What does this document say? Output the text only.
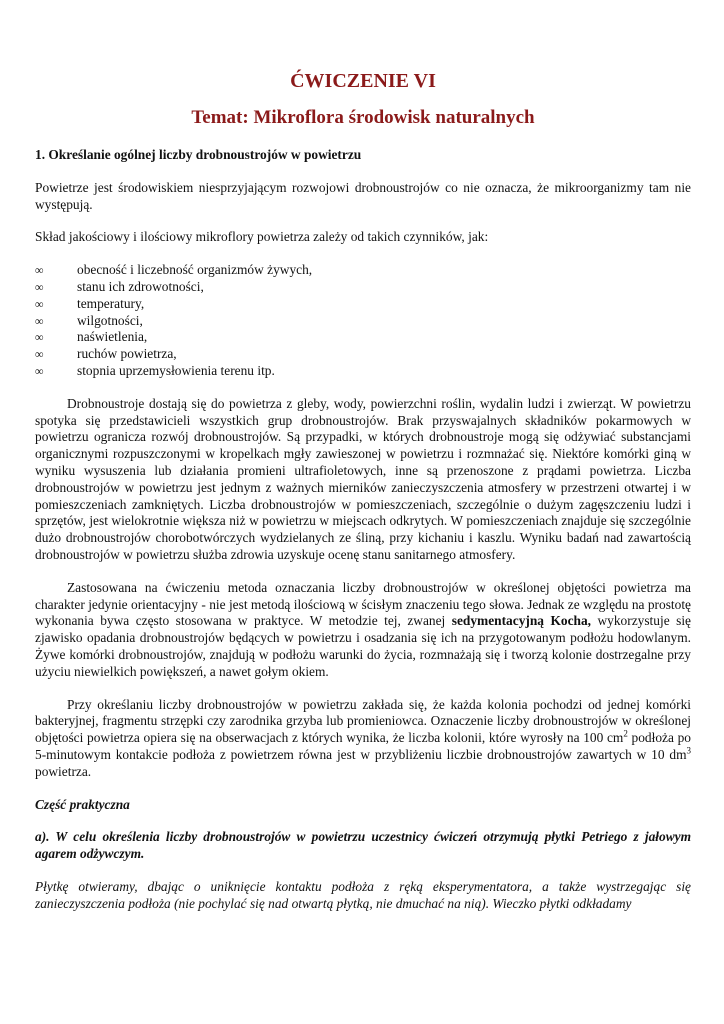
ĆWICZENIE VI
Temat: Mikroflora środowisk naturalnych

1. Określanie ogólnej liczby drobnoustrojów w powietrzu

Powietrze jest środowiskiem niesprzyjającym rozwojowi drobnoustrojów co nie oznacza, że mikroorganizmy tam nie występują.

Skład jakościowy i ilościowy mikroflory powietrza zależy od takich czynników, jak:

∞ obecność i liczebność organizmów żywych,
∞ stanu ich zdrowotności,
∞ temperatury,
∞ wilgotności,
∞ naświetlenia,
∞ ruchów powietrza,
∞ stopnia uprzemysłowienia terenu itp.

Drobnoustroje dostają się do powietrza z gleby, wody, powierzchni roślin, wydalin ludzi i zwierząt. W powietrzu spotyka się przedstawicieli wszystkich grup drobnoustrojów. Brak przyswajalnych składników pokarmowych w powietrzu ogranicza rozwój drobnoustrojów. Są przypadki, w których drobnoustroje mogą się odżywiać substancjami organicznymi rozpuszczonymi w kropelkach mgły zawieszonej w powietrzu i rozmnażać się. Niektóre komórki giną w wyniku wysuszenia lub działania promieni ultrafioletowych, inne są przenoszone z prądami powietrza. Liczba drobnoustrojów w powietrzu jest jednym z ważnych mierników zanieczyszczenia atmosfery w przestrzeni otwartej i w pomieszczeniach zamkniętych. Liczba drobnoustrojów w pomieszczeniach, szczególnie o dużym zagęszczeniu ludzi i sprzętów, jest wielokrotnie większa niż w powietrzu w miejscach odkrytych. W pomieszczeniach znajduje się szczególnie dużo drobnoustrojów chorobotwórczych wydzielanych ze śliną, przy kichaniu i kaszlu. Wyniku badań nad zawartością drobnoustrojów w powietrzu służba zdrowia uzyskuje ocenę stanu sanitarnego atmosfery.

Zastosowana na ćwiczeniu metoda oznaczania liczby drobnoustrojów w określonej objętości powietrza ma charakter jedynie orientacyjny - nie jest metodą ilościową w ścisłym znaczeniu tego słowa. Jednak ze względu na prostotę wykonania bywa często stosowana w praktyce. W metodzie tej, zwanej sedymentacyjną Kocha, wykorzystuje się zjawisko opadania drobnoustrojów będących w powietrzu i osadzania się ich na przygotowanym podłożu hodowlanym. Żywe komórki drobnoustrojów, znajdują w podłożu warunki do życia, rozmnażają się i tworzą kolonie dostrzegalne przy użyciu niewielkich powiększeń, a nawet gołym okiem.

Przy określaniu liczby drobnoustrojów w powietrzu zakłada się, że każda kolonia pochodzi od jednej komórki bakteryjnej, fragmentu strzępki czy zarodnika grzyba lub promieniowca. Oznaczenie liczby drobnoustrojów w określonej objętości powietrza opiera się na obserwacjach z których wynika, że liczba kolonii, które wyrosły na 100 $cm^2$ podłoża po 5-minutowym kontakcie podłoża z powietrzem równa jest w przybliżeniu liczbie drobnoustrojów zawartych w 10 $dm^3$ powietrza.

Część praktyczna

a). W celu określenia liczby drobnoustrojów w powietrzu uczestnicy ćwiczeń otrzymują płytki Petriego z jałowym agarem odżywczym.

Płytkę otwieramy, dbając o uniknięcie kontaktu podłoża z ręką eksperymentatora, a także wystrzegając się zanieczyszczenia podłoża (nie pochylać się nad otwartą płytką, nie dmuchać na nią). Wieczko płytki odkładamy
